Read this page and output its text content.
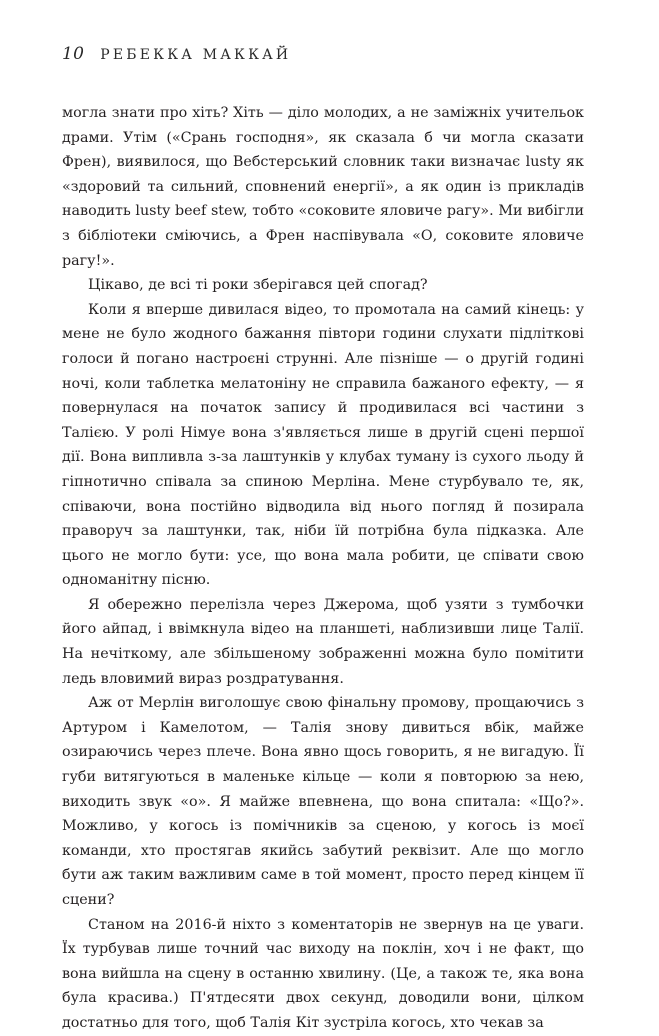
10 РЕБЕККА МАККАЙ

могла знати про хіть? Хіть — діло молодих, а не заміжніх учительок драми. Утім («Срань господня», як сказала б чи могла сказати Френ), виявилося, що Вебстерський словник таки визначає lusty як «здоровий та сильний, сповнений енергії», а як один із прикладів наводить lusty beef stew, тобто «соковите яловиче рагу». Ми вибігли з бібліотеки сміючись, а Френ наспівувала «О, соковите яловиче рагу!».

Цікаво, де всі ті роки зберігався цей спогад?

Коли я вперше дивилася відео, то промотала на самий кінець: у мене не було жодного бажання півтори години слухати підліткові голоси й погано настроєні струнні. Але пізніше — о другій годині ночі, коли таблетка мелатоніну не справила бажаного ефекту, — я повернулася на початок запису й продивилася всі частини з Талією. У ролі Німуе вона з'являється лише в другій сцені першої дії. Вона випливла з-за лаштунків у клубах туману із сухого льоду й гіпнотично співала за спиною Мерліна. Мене стурбувало те, як, співаючи, вона постійно відводила від нього погляд й позирала праворуч за лаштунки, так, ніби їй потрібна була підказка. Але цього не могло бути: усе, що вона мала робити, це співати свою одноманітну пісню.

Я обережно перелізла через Джерома, щоб узяти з тумбочки його айпад, і ввімкнула відео на планшеті, наблизивши лице Талії. На нечіткому, але збільшеному зображенні можна було помітити ледь вловимий вираз роздратування.

Аж от Мерлін виголошує свою фінальну промову, прощаючись з Артуром і Камелотом, — Талія знову дивиться вбік, майже озираючись через плече. Вона явно щось говорить, я не вигадую. Її губи витягуються в маленьке кільце — коли я повторюю за нею, виходить звук «о». Я майже впевнена, що вона спитала: «Що?». Можливо, у когось із помічників за сценою, у когось із моєї команди, хто простягав якийсь забутий реквізит. Але що могло бути аж таким важливим саме в той момент, просто перед кінцем її сцени?

Станом на 2016-й ніхто з коментаторів не звернув на це уваги. Їх турбував лише точний час виходу на поклін, хоч і не факт, що вона вийшла на сцену в останню хвилину. (Це, а також те, яка вона була красива.) П'ятдесяти двох секунд, доводили вони, цілком достатньо для того, щоб Талія Кіт зустріла когось, хто чекав за
